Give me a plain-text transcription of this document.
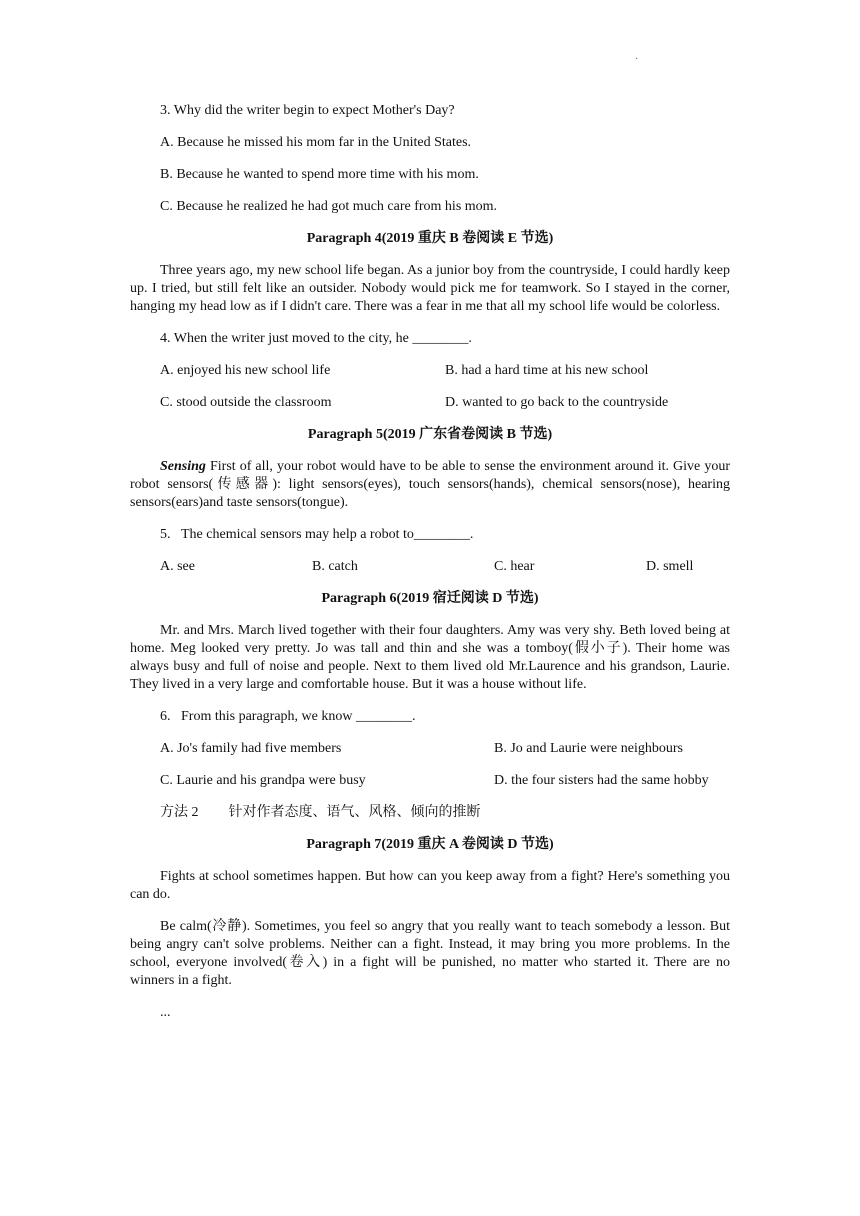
·

3. Why did the writer begin to expect Mother's Day?

A. Because he missed his mom far in the United States.

B. Because he wanted to spend more time with his mom.

C. Because he realized he had got much care from his mom.

Paragraph 4(2019 重庆 B 卷阅读 E 节选)

Three years ago, my new school life began. As a junior boy from the countryside, I could hardly keep up. I tried, but still felt like an outsider. Nobody would pick me for teamwork. So I stayed in the corner, hanging my head low as if I didn't care. There was a fear in me that all my school life would be colorless.

4. When the writer just moved to the city, he ________.

A. enjoyed his new school life	B. had a hard time at his new school
C. stood outside the classroom	D. wanted to go back to the countryside

Paragraph 5(2019 广东省卷阅读 B 节选)

Sensing First of all, your robot would have to be able to sense the environment around it. Give your robot sensors(传感器): light sensors(eyes), touch sensors(hands), chemical sensors(nose), hearing sensors(ears)and taste sensors(tongue).

5.   The chemical sensors may help a robot to________.

A. see	B. catch	C. hear	D. smell

Paragraph 6(2019 宿迁阅读 D 节选)

Mr. and Mrs. March lived together with their four daughters. Amy was very shy. Beth loved being at home. Meg looked very pretty. Jo was tall and thin and she was a tomboy(假小子). Their home was always busy and full of noise and people. Next to them lived old Mr.Laurence and his grandson, Laurie. They lived in a very large and comfortable house. But it was a house without life.

6.   From this paragraph, we know ________.

A. Jo's family had five members	B. Jo and Laurie were neighbours
C. Laurie and his grandpa were busy	D. the four sisters had the same hobby

方法 2 针对作者态度、语气、风格、倾向的推断

Paragraph 7(2019 重庆 A 卷阅读 D 节选)

Fights at school sometimes happen. But how can you keep away from a fight? Here's something you can do.

Be calm(冷静). Sometimes, you feel so angry that you really want to teach somebody a lesson. But being angry can't solve problems. Neither can a fight. Instead, it may bring you more problems. In the school, everyone involved(卷入) in a fight will be punished, no matter who started it. There are no winners in a fight.

...
